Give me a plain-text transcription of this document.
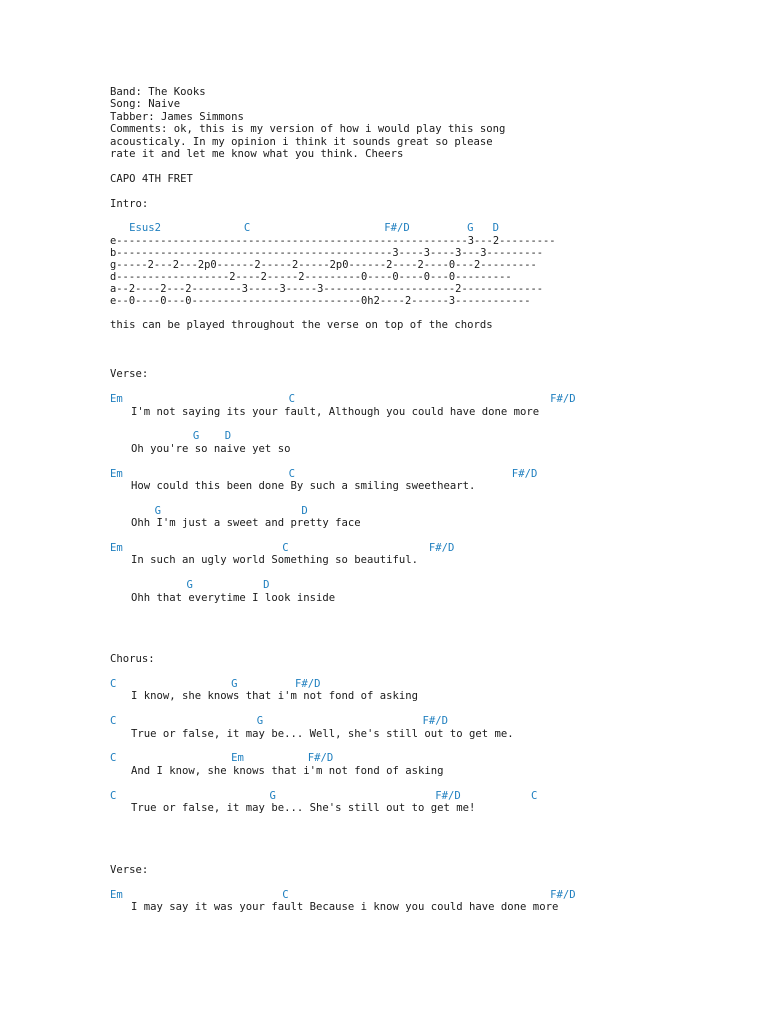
Band: The Kooks
Song: Naive
Tabber: James Simmons
Comments: ok, this is my version of how i would play this song
acousticaly. In my opinion i think it sounds great so please
rate it and let me know what you think. Cheers
CAPO 4TH FRET
Intro:
Esus2             C                     F#/D         G   D
e--------------------------------------------------------3---2---------
b--------------------------------------------3----3----3---3---------
g-----2---2---2p0------2-----2-----2p0------2----2----0---2---------
d------------------2----2-----2---------0----0----0---0---------
a--2----2---2--------3-----3-----3---------------------2-------------
e--0----0---0---------------------------0h2----2------3------------
this can be played throughout the verse on top of the chords
Verse:
Em                          C                                        F#/D
I'm not saying its your fault, Although you could have done more
G    D
Oh you're so naive yet so
Em                          C                                  F#/D
How could this been done By such a smiling sweetheart.
G                      D
Ohh I'm just a sweet and pretty face
Em                         C                      F#/D
In such an ugly world Something so beautiful.
G           D
Ohh that everytime I look inside
Chorus:
C                  G         F#/D
I know, she knows that i'm not fond of asking
C                      G                         F#/D
True or false, it may be... Well, she's still out to get me.
C                  Em          F#/D
And I know, she knows that i'm not fond of asking
C                        G                         F#/D           C
True or false, it may be... She's still out to get me!
Verse:
Em                         C                                         F#/D
I may say it was your fault Because i know you could have done more
